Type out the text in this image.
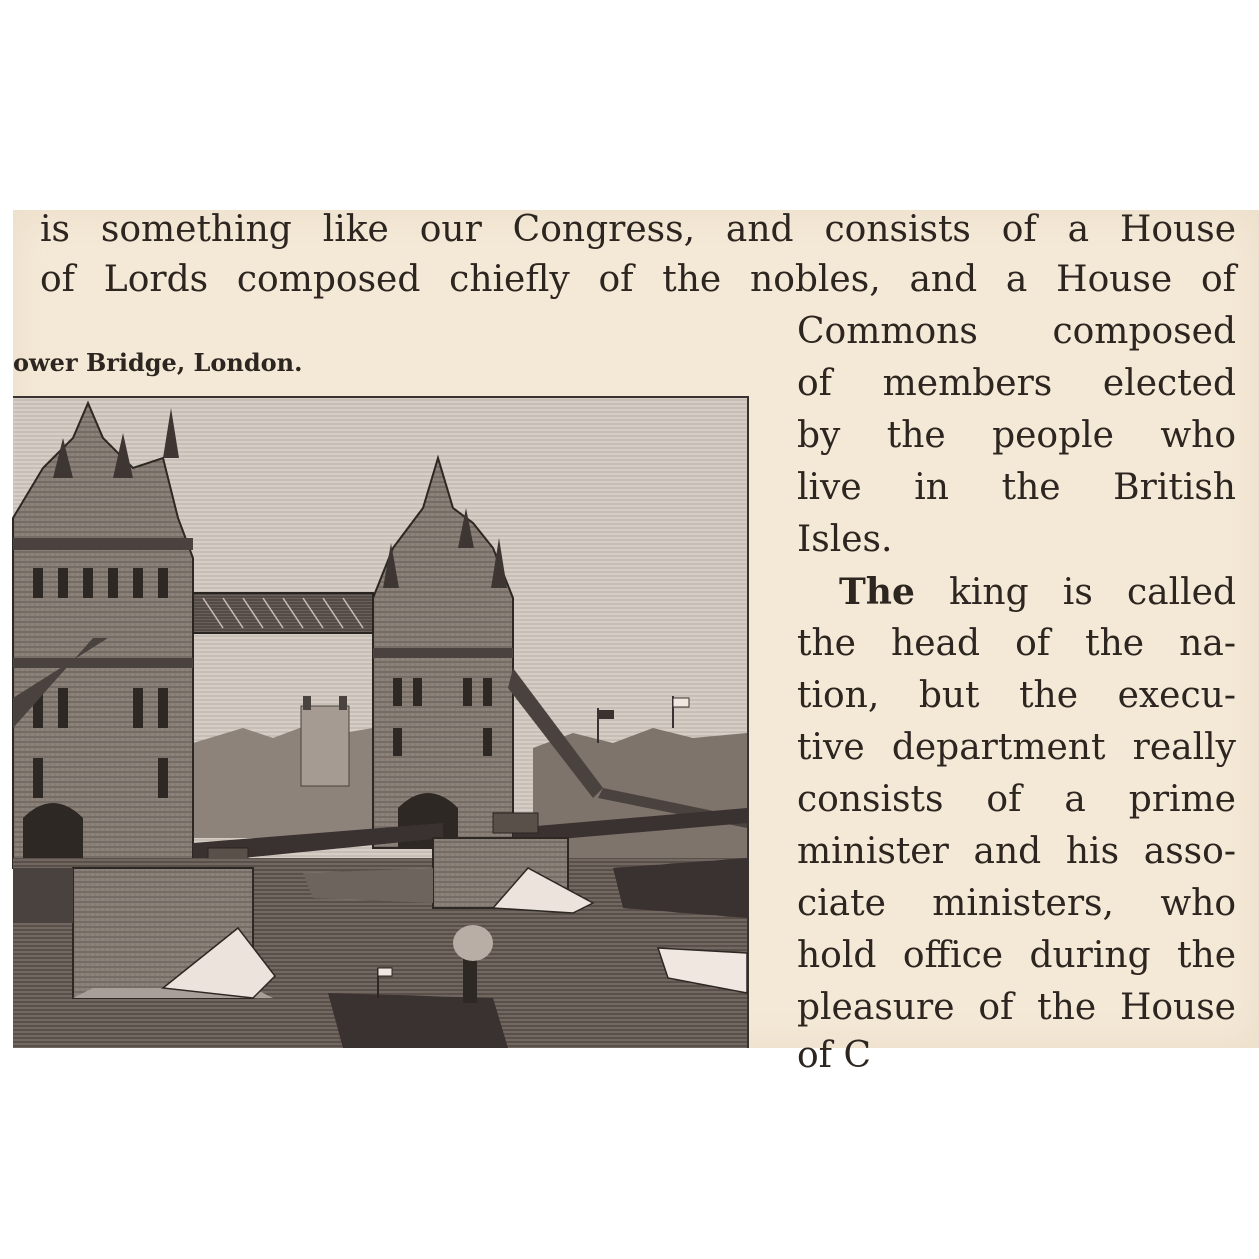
is something like our Congress, and consists of a House
of Lords composed chiefly of the nobles, and a House of
ower Bridge, London.
Commons composed
of members elected
by the people who
live in the British
Isles.
The king is called
the head of the na-
tion, but the execu-
tive department really
consists of a prime
minister and his asso-
ciate ministers, who
hold office during the
pleasure of the House
of C
